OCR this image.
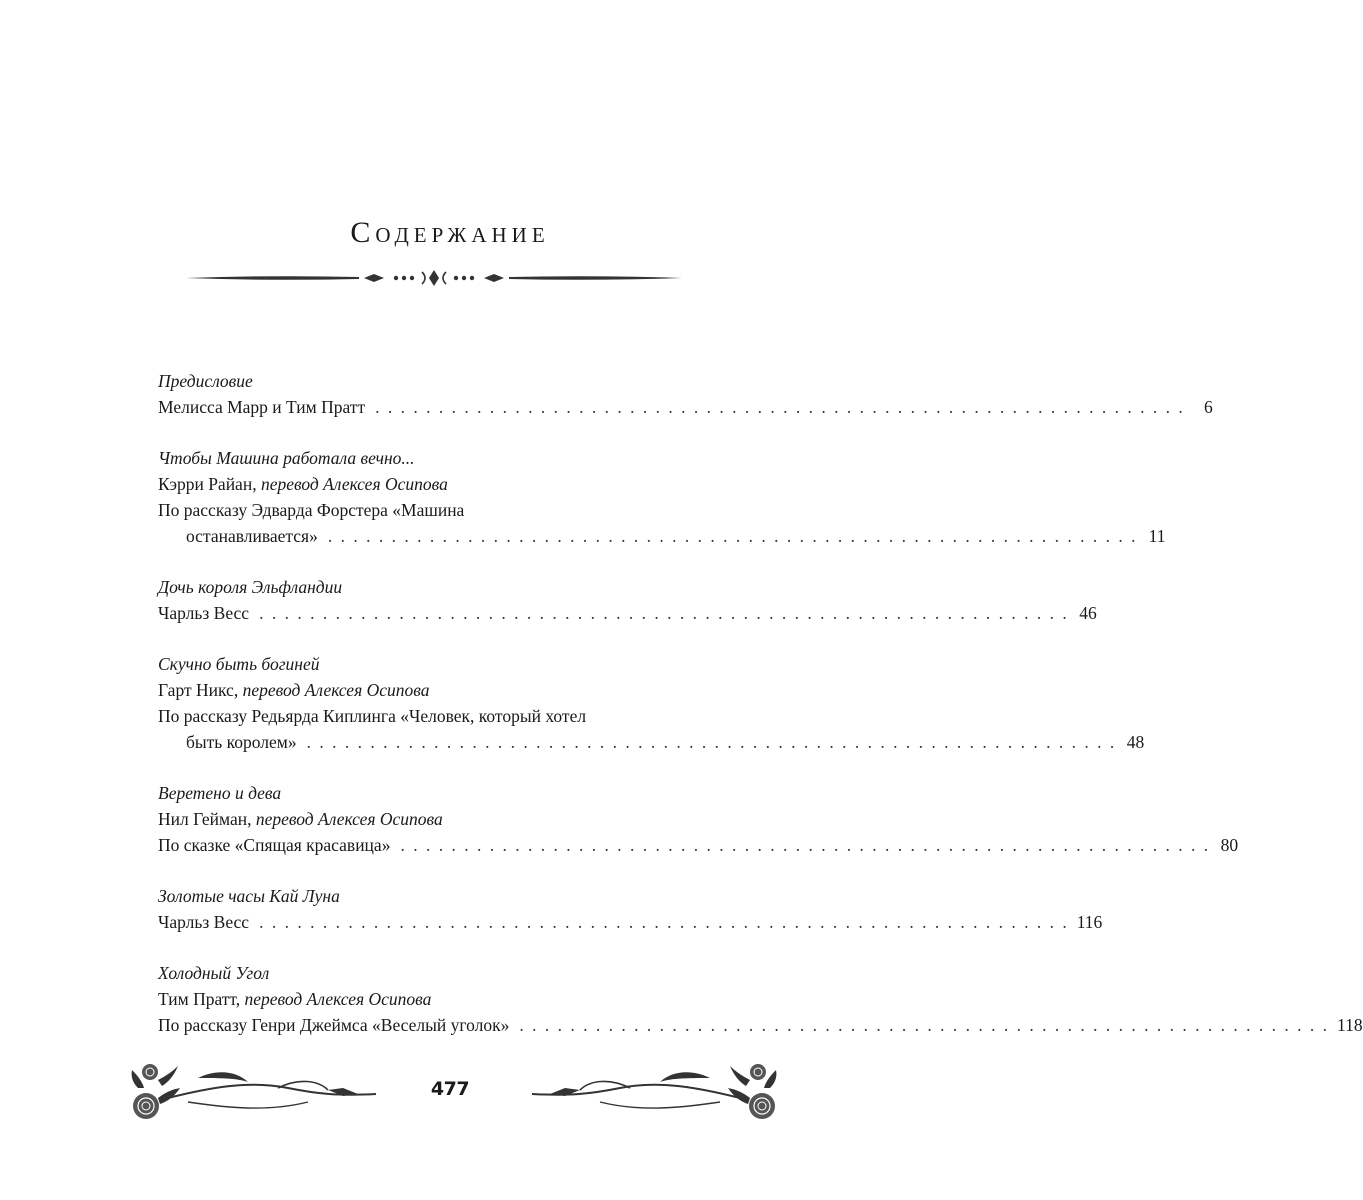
Содержание
Предисловие
Мелисса Марр и Тим Пратт . . . . . . . . . . . . . . . . . . . . . . . . . . . . . . . . . . . . . . . . . . . . . . . . . . . . . . . . . . . . . . . .	6
Чтобы Машина работала вечно...
Кэрри Райан, перевод Алексея Осипова
По рассказу Эдварда Форстера «Машина
останавливается» . . . . . . . . . . . . . . . . . . . . . . . . . . . . . . . . . . . . . . . . . . . . . . . . . . . . . . . . . . . . . . . . 11
Дочь короля Эльфландии
Чарльз Весс . . . . . . . . . . . . . . . . . . . . . . . . . . . . . . . . . . . . . . . . . . . . . . . . . . . . . . . . . . . . . . . . 46
Скучно быть богиней
Гарт Никс, перевод Алексея Осипова
По рассказу Редьярда Киплинга «Человек, который хотел
быть королем» . . . . . . . . . . . . . . . . . . . . . . . . . . . . . . . . . . . . . . . . . . . . . . . . . . . . . . . . . . . . . . . . 48
Веретено и дева
Нил Гейман, перевод Алексея Осипова
По сказке «Спящая красавица» . . . . . . . . . . . . . . . . . . . . . . . . . . . . . . . . . . . . . . . . . . . . . . . . . . . . . . . . . . . . . . . . 80
Золотые часы Кай Луна
Чарльз Весс . . . . . . . . . . . . . . . . . . . . . . . . . . . . . . . . . . . . . . . . . . . . . . . . . . . . . . . . . . . . . . . . 116
Холодный Угол
Тим Пратт, перевод Алексея Осипова
По рассказу Генри Джеймса «Веселый уголок» . . . . . . . . . . . . . . . . . . . . . . . . . . . . . . . . . . . . . . . . . . . . . . . . . . . . . . . . . . . . . . . . 118
477
